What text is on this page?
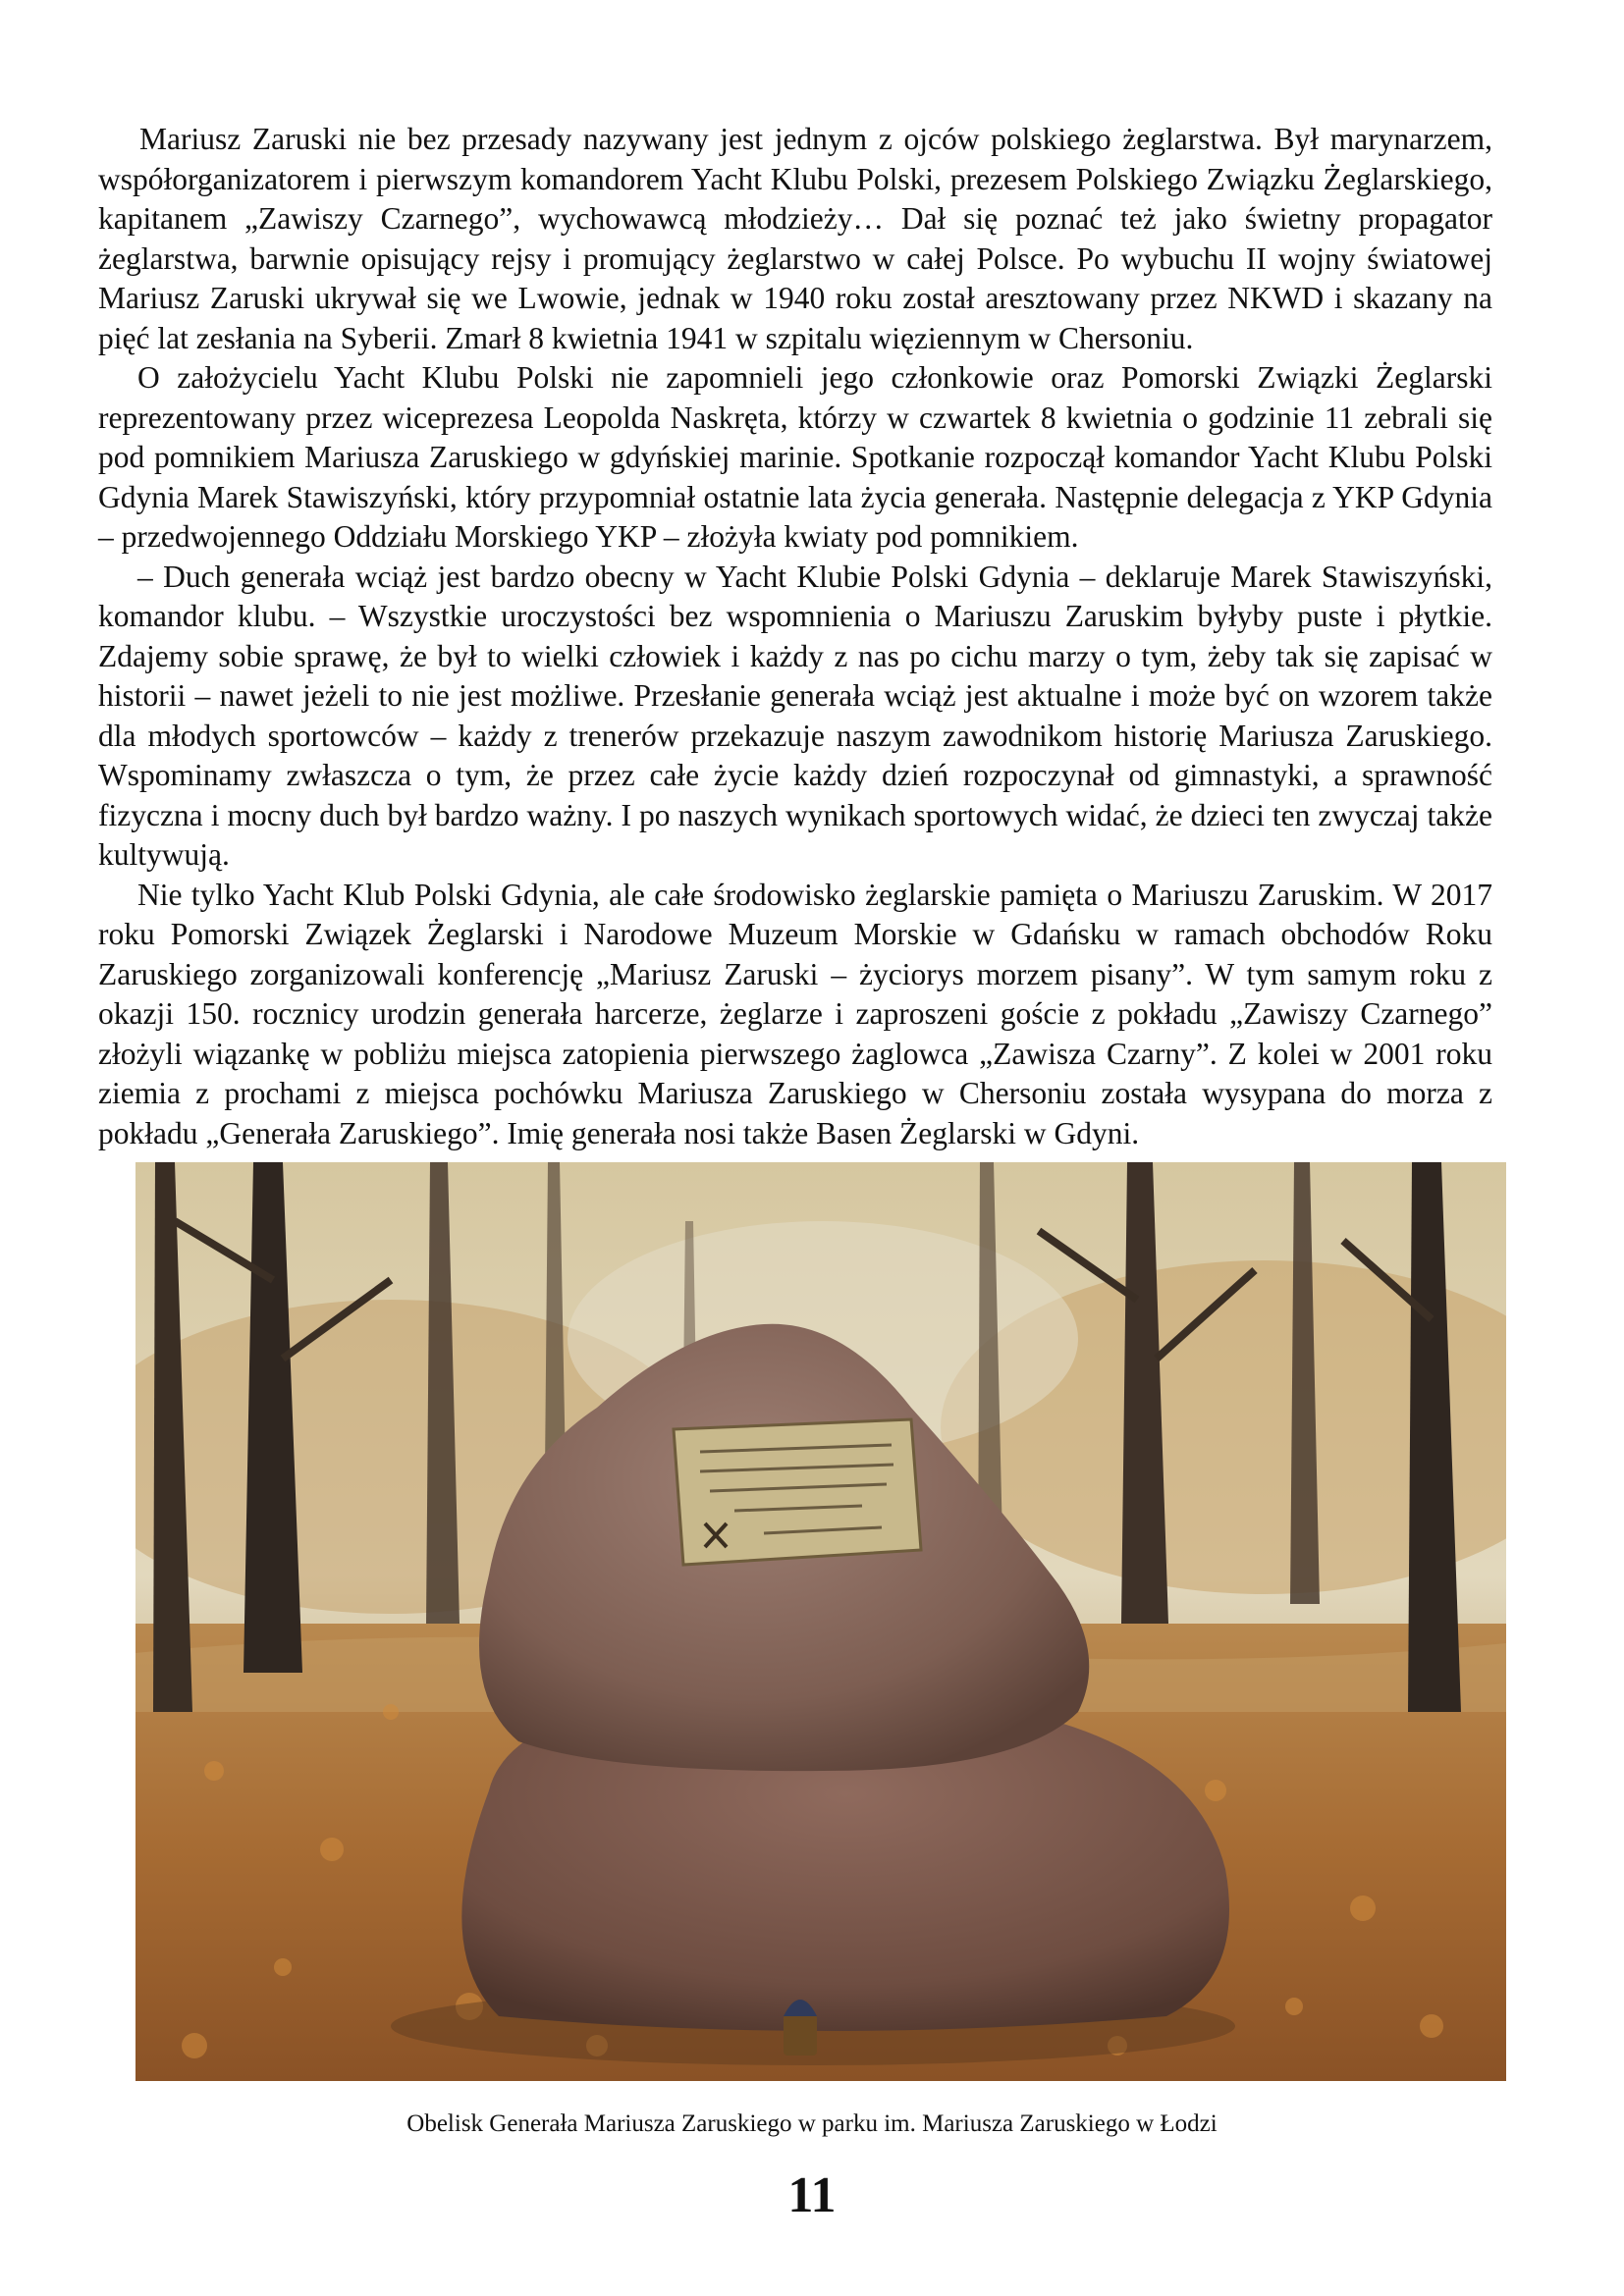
Mariusz Zaruski nie bez przesady nazywany jest jednym z ojców polskiego żeglarstwa. Był marynarzem, współorganizatorem i pierwszym komandorem Yacht Klubu Polski, prezesem Polskiego Związku Żeglarskiego, kapitanem „Zawiszy Czarnego”, wychowawcą młodzieży… Dał się poznać też jako świetny propagator żeglarstwa, barwnie opisujący rejsy i promujący żeglarstwo w całej Polsce. Po wybuchu II wojny światowej Mariusz Zaruski ukrywał się we Lwowie, jednak w 1940 roku został aresztowany przez NKWD i skazany na pięć lat zesłania na Syberii. Zmarł 8 kwietnia 1941 w szpitalu więziennym w Chersoniu.

O założycielu Yacht Klubu Polski nie zapomnieli jego członkowie oraz Pomorski Związki Żeglarski reprezentowany przez wiceprezesa Leopolda Naskręta, którzy w czwartek 8 kwietnia o godzinie 11 zebrali się pod pomnikiem Mariusza Zaruskiego w gdyńskiej marinie. Spotkanie rozpoczął komandor Yacht Klubu Polski Gdynia Marek Stawiszyński, który przypomniał ostatnie lata życia generała. Następnie delegacja z YKP Gdynia – przedwojennego Oddziału Morskiego YKP – złożyła kwiaty pod pomnikiem.

– Duch generała wciąż jest bardzo obecny w Yacht Klubie Polski Gdynia – deklaruje Marek Stawiszyński, komandor klubu. – Wszystkie uroczystości bez wspomnienia o Mariuszu Zaruskim byłyby puste i płytkie. Zdajemy sobie sprawę, że był to wielki człowiek i każdy z nas po cichu marzy o tym, żeby tak się zapisać w historii – nawet jeżeli to nie jest możliwe. Przesłanie generała wciąż jest aktualne i może być on wzorem także dla młodych sportowców – każdy z trenerów przekazuje naszym zawodnikom historię Mariusza Zaruskiego. Wspominamy zwłaszcza o tym, że przez całe życie każdy dzień rozpoczynał od gimnastyki, a sprawność fizyczna i mocny duch był bardzo ważny. I po naszych wynikach sportowych widać, że dzieci ten zwyczaj także kultywują.

Nie tylko Yacht Klub Polski Gdynia, ale całe środowisko żeglarskie pamięta o Mariuszu Zaruskim. W 2017 roku Pomorski Związek Żeglarski i Narodowe Muzeum Morskie w Gdańsku w ramach obchodów Roku Zaruskiego zorganizowali konferencję „Mariusz Zaruski – życiorys morzem pisany”. W tym samym roku z okazji 150. rocznicy urodzin generała harcerze, żeglarze i zaproszeni goście z pokładu „Zawiszy Czarnego” złożyli wiązankę w pobliżu miejsca zatopienia pierwszego żaglowca „Zawisza Czarny”. Z kolei w 2001 roku ziemia z prochami z miejsca pochówku Mariusza Zaruskiego w Chersoniu została wysypana do morza z pokładu „Generała Zaruskiego”. Imię generała nosi także Basen Żeglarski w Gdyni.

Obelisk Generała Mariusza Zaruskiego w parku im. Mariusza Zaruskiego w Łodzi
11
